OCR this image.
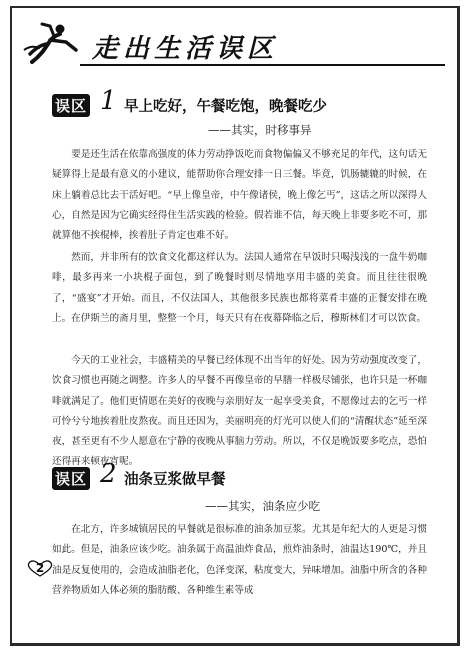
走出生活误区
误区 1 早上吃好，午餐吃饱，晚餐吃少
——其实，时移事异
要是还生活在依靠高强度的体力劳动挣饭吃而食物偏偏又不够充足的年代，这句话无疑算得上是最有意义的小建议，能帮助你合理安排一日三餐。毕竟，饥肠辘辘的时候，在床上躺着总比去干活好吧。“早上像皇帝，中午像诸侯，晚上像乞丐”，这话之所以深得人心，自然是因为它确实经得住生活实践的检验。假若谁不信，每天晚上非要多吃不可，那就算他不挨棍棒，挨着肚子肯定也难不好。
然而，并非所有的饮食文化都这样认为。法国人通常在早饭时只喝浅浅的一盘牛奶咖啡，最多再来一小块棍子面包，到了晚餐时则尽情地享用丰盛的美食。而且往往很晚了，“盛宴”才开始。而且，不仅法国人，其他很多民族也都将菜肴丰盛的正餐安排在晚上。在伊斯兰的斋月里，整整一个月，每天只有在夜幕降临之后，穆斯林们才可以饮食。
今天的工业社会，丰盛精美的早餐已经体现不出当年的好处。因为劳动强度改变了，饮食习惯也再随之调整。许多人的早餐不再像皇帝的早膳一样极尽铺张，也许只是一杯咖啡就满足了。他们更情愿在美好的夜晚与亲朋好友一起享受美食，不愿像过去的乞丐一样可怜兮兮地挨着肚皮熬夜。而且还因为，美丽明亮的灯光可以使人们的“清醒状态”延至深夜，甚至更有不少人愿意在宁静的夜晚从事脑力劳动。所以，不仅是晚饭要多吃点，恐怕还得再来顿夜宵呢。
误区 2 油条豆浆做早餐
——其实，油条应少吃
在北方，许多城镇居民的早餐就是很标准的油条加豆浆。尤其是年纪大的人更是习惯如此。但是，油条应该少吃。油条属于高温油炸食品，煎炸油条时，油温达190℃，并且油是反复使用的，会造成油脂老化，色泽变深，粘度变大，异味增加。油脂中所含的各种营养物质如人体必须的脂肪酸、各种维生素等成
2
